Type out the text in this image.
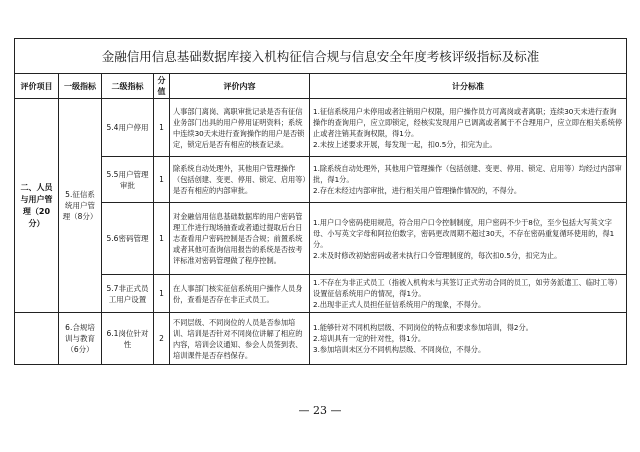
金融信用信息基础数据库接入机构征信合规与信息安全年度考核评级指标及标准					
评价项目	一级指标	二级指标	分值	评价内容	计分标准
二、人员与用户管理（20分）	5.征信系统用户管理（8分）	5.4用户停用	1	人事部门离岗、离职审批记录是否有征信业务部门出具的用户停用证明资料；系统中连续30天未进行查询操作的用户是否锁定，锁定后是否有相应的核查记录。	1.征信系统用户未停用或者注销用户权限，用户操作员方可离岗或者离职；连续30天未进行查询操作的查询用户，应立即锁定，经核实发现用户已调离或者属于不合理用户，应立即在相关系统停止或者注销其查询权限，得1分。
2.未按上述要求开展，每发现一起，扣0.5分，扣完为止。
		5.5用户管理审批	1	除系统自动处理外，其他用户管理操作（包括创建、变更、停用、锁定、启用等）是否有相应的内部审批。	1.除系统自动处理外，其他用户管理操作（包括创建、变更、停用、锁定、启用等）均经过内部审批，得1分。
2.存在未经过内部审批，进行相关用户管理操作情况的，不得分。
		5.6密码管理	1	对金融信用信息基础数据库的用户密码管理工作进行现场抽查或者通过提取后台日志查看用户密码控制是否合规；前置系统或者其他可查询信用报告的系统是否按考评标准对密码管理做了程序控制。	1.用户口令密码使用规范，符合用户口令控制制度，用户密码不少于8位，至少包括大写英文字母、小写英文字母和阿拉伯数字，密码更改周期不超过30天，不存在密码重复循环使用的，得1分。
2.未及时修改初始密码或者未执行口令管理制度的，每次扣0.5分，扣完为止。
		5.7非正式员工用户设置	1	在人事部门核实征信系统用户操作人员身份，查看是否存在非正式员工。	1.不存在为非正式员工（指被入机构未与其签订正式劳动合同的员工，如劳务派遣工、临时工等）设置征信系统用户的情况，得1分。
2.出现非正式人员担任征信系统用户的现象，不得分。
	6.合规培训与教育（6分）	6.1岗位针对性	2	不同层级、不同岗位的人员是否参加培训、培训是否针对不同岗位讲解了相应的内容，培训会议通知、参会人员签到表、培训课件是否存档保存。	1.能够针对不同机构层级、不同岗位的特点和要求参加培训，得2分。
2.培训具有一定的针对性，得1分。
3.参加培训未区分不同机构层级、不同岗位，不得分。
— 23 —
